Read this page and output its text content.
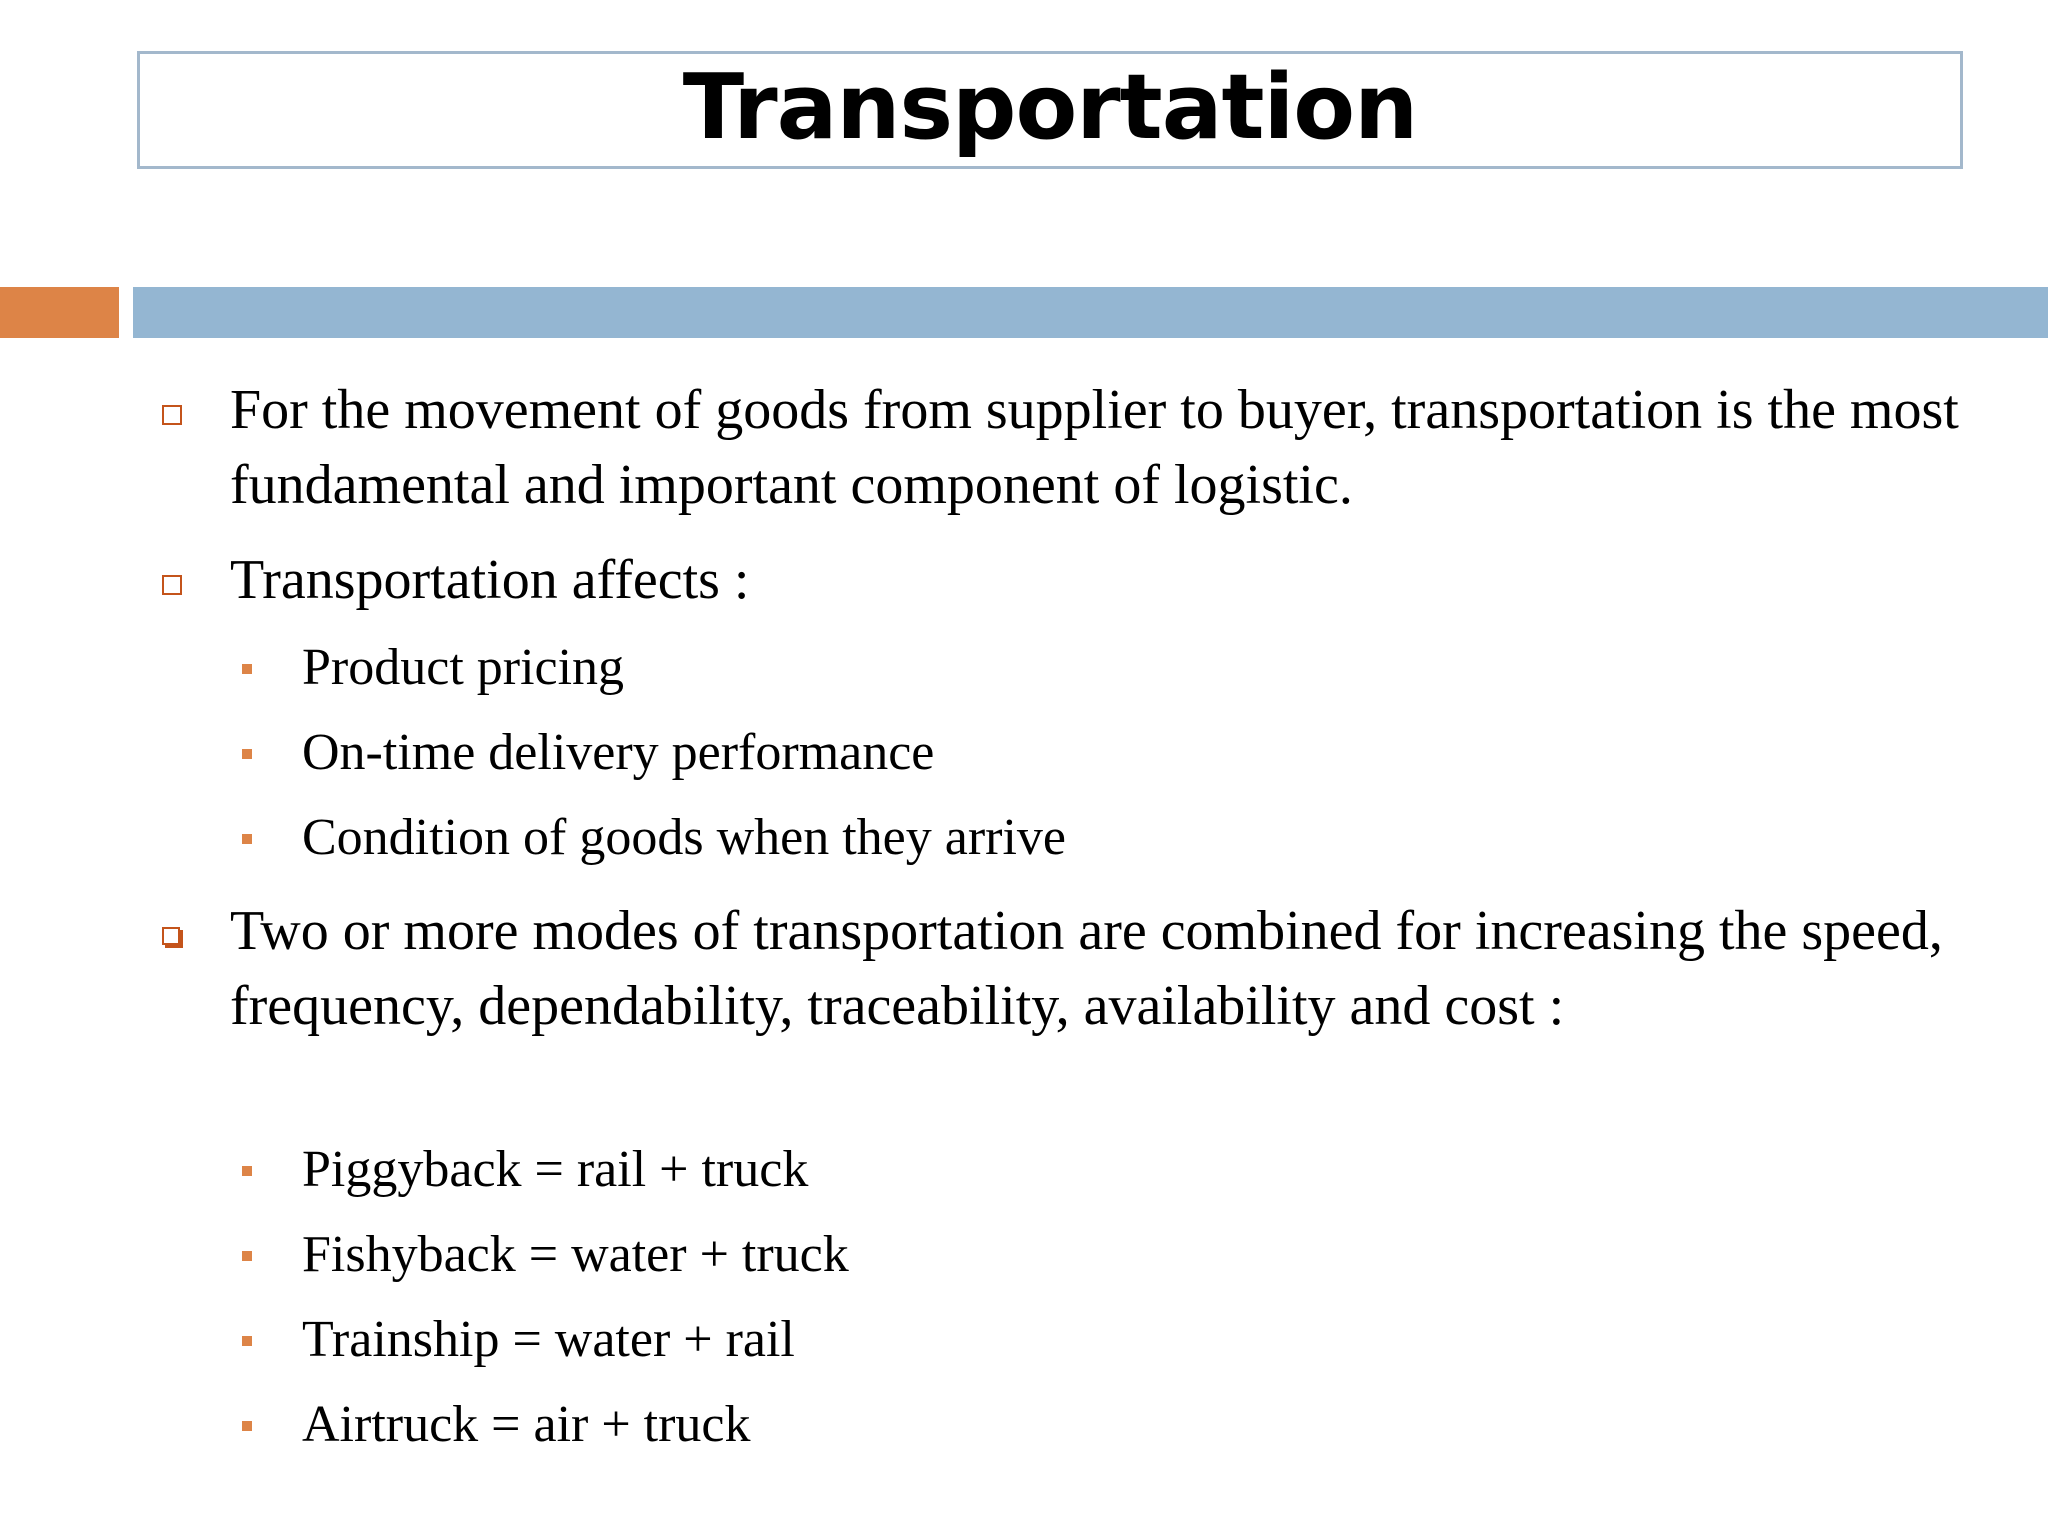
Transportation
For the movement of goods from supplier to buyer, transportation is the most fundamental and important component of logistic.
Transportation affects :
Product pricing
On-time delivery performance
Condition of goods when they arrive
Two or more modes of transportation are combined for increasing the speed, frequency, dependability, traceability, availability and cost :
Piggyback = rail + truck
Fishyback = water + truck
Trainship = water + rail
Airtruck = air + truck
